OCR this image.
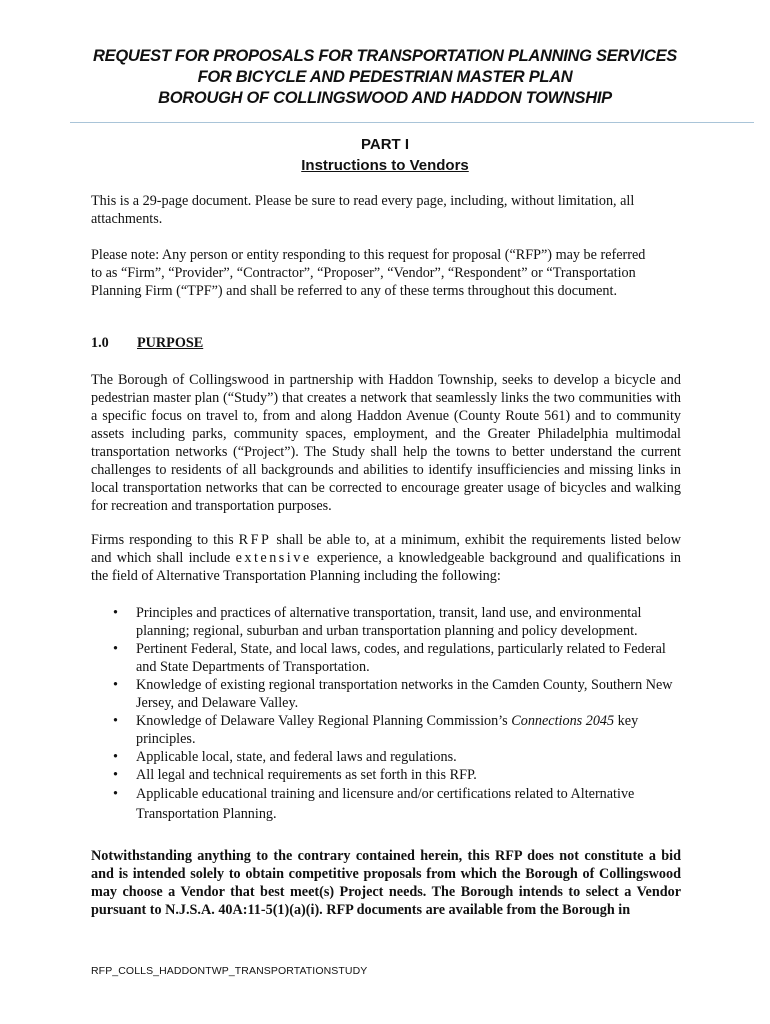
REQUEST FOR PROPOSALS FOR TRANSPORTATION PLANNING SERVICES
FOR BICYCLE AND PEDESTRIAN MASTER PLAN
BOROUGH OF COLLINGSWOOD AND HADDON TOWNSHIP
PART I
Instructions to Vendors

This is a 29-page document. Please be sure to read every page, including, without limitation, all attachments.

Please note: Any person or entity responding to this request for proposal (“RFP”) may be referred to as “Firm”, “Provider”, “Contractor”, “Proposer”, “Vendor”, “Respondent” or “Transportation Planning Firm (“TPF”) and shall be referred to any of these terms throughout this document.

1.0 PURPOSE

The Borough of Collingswood in partnership with Haddon Township, seeks to develop a bicycle and pedestrian master plan (“Study”) that creates a network that seamlessly links the two communities with a specific focus on travel to, from and along Haddon Avenue (County Route 561) and to community assets including parks, community spaces, employment, and the Greater Philadelphia multimodal transportation networks (“Project”). The Study shall help the towns to better understand the current challenges to residents of all backgrounds and abilities to identify insufficiencies and missing links in local transportation networks that can be corrected to encourage greater usage of bicycles and walking for recreation and transportation purposes.

Firms responding to this RFP shall be able to, at a minimum, exhibit the requirements listed below and which shall include extensive experience, a knowledgeable background and qualifications in the field of Alternative Transportation Planning including the following:

• Principles and practices of alternative transportation, transit, land use, and environmental planning; regional, suburban and urban transportation planning and policy development.
• Pertinent Federal, State, and local laws, codes, and regulations, particularly related to Federal and State Departments of Transportation.
• Knowledge of existing regional transportation networks in the Camden County, Southern New Jersey, and Delaware Valley.
• Knowledge of Delaware Valley Regional Planning Commission’s Connections 2045 key principles.
• Applicable local, state, and federal laws and regulations.
• All legal and technical requirements as set forth in this RFP.
• Applicable educational training and licensure and/or certifications related to Alternative Transportation Planning.

Notwithstanding anything to the contrary contained herein, this RFP does not constitute a bid and is intended solely to obtain competitive proposals from which the Borough of Collingswood may choose a Vendor that best meet(s) Project needs. The Borough intends to select a Vendor pursuant to N.J.S.A. 40A:11-5(1)(a)(i). RFP documents are available from the Borough in

RFP_COLLS_HADDONTWP_TRANSPORTATIONSTUDY
